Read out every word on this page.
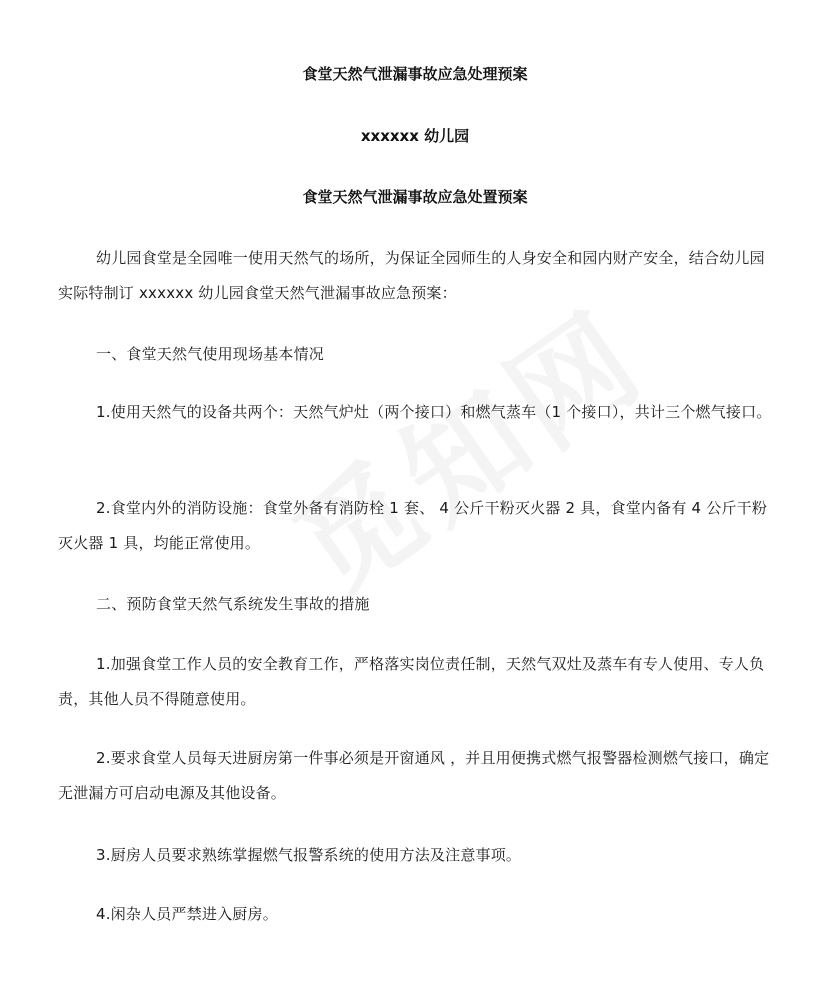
食堂天然气泄漏事故应急处理预案
xxxxxx 幼儿园
食堂天然气泄漏事故应急处置预案
幼儿园食堂是全园唯一使用天然气的场所，为保证全园师生的人身安全和园内财产安全，结合幼儿园实际特制订 xxxxxx 幼儿园食堂天然气泄漏事故应急预案：
一、食堂天然气使用现场基本情况
1.使用天然气的设备共两个：天然气炉灶（两个接口）和燃气蒸车（1 个接口），共计三个燃气接口。
2.食堂内外的消防设施：食堂外备有消防栓 1 套、 4 公斤干粉灭火器 2 具，食堂内备有 4 公斤干粉灭火器 1 具，均能正常使用。
二、预防食堂天然气系统发生事故的措施
1.加强食堂工作人员的安全教育工作，严格落实岗位责任制，天然气双灶及蒸车有专人使用、专人负责，其他人员不得随意使用。
2.要求食堂人员每天进厨房第一件事必须是开窗通风 ，并且用便携式燃气报警器检测燃气接口，确定无泄漏方可启动电源及其他设备。
3.厨房人员要求熟练掌握燃气报警系统的使用方法及注意事项。
4.闲杂人员严禁进入厨房。
